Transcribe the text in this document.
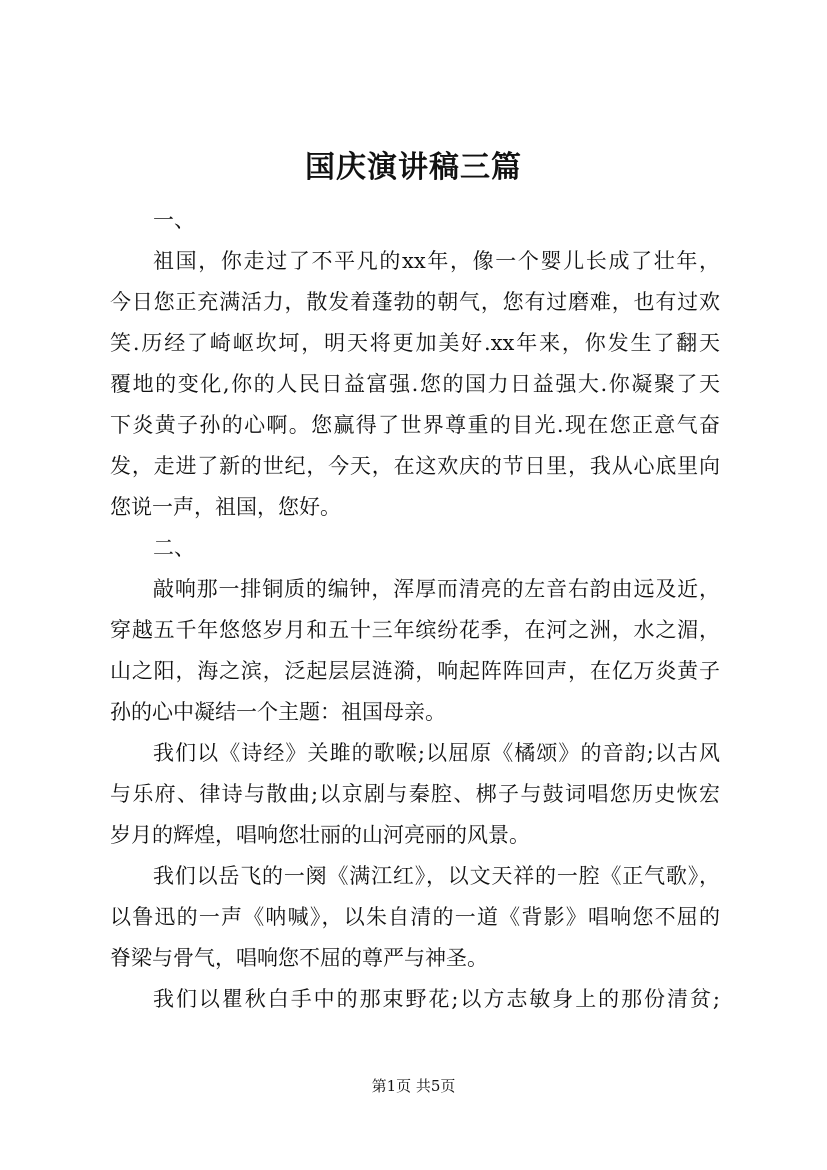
国庆演讲稿三篇
一、
祖国，你走过了不平凡的xx年，像一个婴儿长成了壮年，
今日您正充满活力，散发着蓬勃的朝气，您有过磨难，也有过欢
笑.历经了崎岖坎坷，明天将更加美好.xx年来，你发生了翻天
覆地的变化,你的人民日益富强.您的国力日益强大.你凝聚了天
下炎黄子孙的心啊。您赢得了世界尊重的目光.现在您正意气奋
发，走进了新的世纪，今天，在这欢庆的节日里，我从心底里向
您说一声，祖国，您好。
二、
敲响那一排铜质的编钟，浑厚而清亮的左音右韵由远及近，
穿越五千年悠悠岁月和五十三年缤纷花季，在河之洲，水之湄，
山之阳，海之滨，泛起层层涟漪，响起阵阵回声，在亿万炎黄子
孙的心中凝结一个主题：祖国母亲。
我们以《诗经》关雎的歌喉;以屈原《橘颂》的音韵;以古风
与乐府、律诗与散曲;以京剧与秦腔、梆子与鼓词唱您历史恢宏
岁月的辉煌，唱响您壮丽的山河亮丽的风景。
我们以岳飞的一阕《满江红》，以文天祥的一腔《正气歌》，
以鲁迅的一声《呐喊》，以朱自清的一道《背影》唱响您不屈的
脊梁与骨气，唱响您不屈的尊严与神圣。
我们以瞿秋白手中的那束野花;以方志敏身上的那份清贫;
第1页 共5页
